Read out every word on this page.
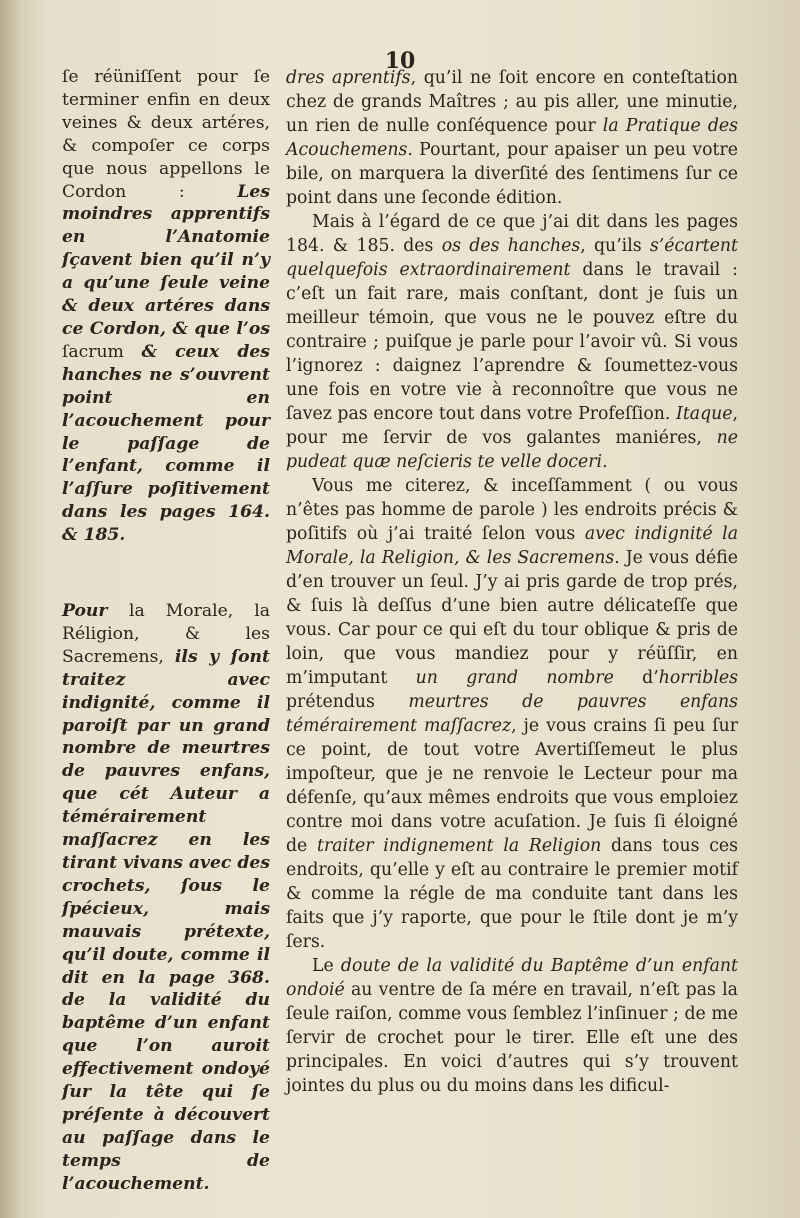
10
ſe réüniſſent pour ſe terminer enfin en deux veines & deux artéres, & compoſer ce corps que nous appellons le Cordon : Les moindres apprentifs en l’Anatomie ſçavent bien qu’il n’y a qu’une ſeule veine & deux artéres dans ce Cordon, & que l’os ſacrum & ceux des hanches ne s’ouvrent point en l’acouchement pour le paſſage de l’enfant, comme il l’aſſure poſitivement dans les pages 164. & 185.
Pour la Morale, la Réligion, & les Sacremens, ils y ſont traitez avec indignité, comme il paroiſt par un grand nombre de meurtres de pauvres enfans, que cét Auteur a témérairement maſſacrez en les tirant vivans avec des crochets, ſous le ſpécieux, mais mauvais prétexte, qu’il doute, comme il dit en la page 368. de la validité du baptême d’un enfant que l’on auroit effectivement ondoyé ſur la tête qui ſe préſente à découvert au paſſage dans le temps de l’acouchement.

dres aprentifs, qu’il ne ſoit encore en conteſtation chez de grands Maîtres ; au pis aller, une minutie, un rien de nulle conſéquence pour la Pratique des Acouchemens. Pourtant, pour apaiser un peu votre bile, on marquera la diverſité des ſentimens ſur ce point dans une ſeconde édition.

Mais à l’égard de ce que j’ai dit dans les pages 184. & 185. des os des hanches, qu’ils s’écartent quelquefois extraordinairement dans le travail : c’eſt un fait rare, mais conſtant, dont je ſuis un meilleur témoin, que vous ne le pouvez eſtre du contraire ; puiſque je parle pour l’avoir vû. Si vous l’ignorez : daignez l’aprendre & ſoumettez-vous une fois en votre vie à reconnoître que vous ne ſavez pas encore tout dans votre Profeſſion. Itaque, pour me ſervir de vos galantes maniéres, ne pudeat quæ neſcieris te velle doceri.

Vous me citerez, & inceſſamment ( ou vous n’êtes pas homme de parole ) les endroits précis & poſitifs où j’ai traité ſelon vous avec indignité la Morale, la Religion, & les Sacremens. Je vous défie d’en trouver un ſeul. J’y ai pris garde de trop prés, & ſuis là deſſus d’une bien autre délicateſſe que vous. Car pour ce qui eſt du tour oblique & pris de loin, que vous mandiez pour y réüſſir, en m’imputant un grand nombre d’horribles prétendus meurtres de pauvres enfans témérairement maſſacrez, je vous crains ſi peu ſur ce point, de tout votre Avertiſſemeut le plus impoſteur, que je ne renvoie le Lecteur pour ma défenſe, qu’aux mêmes endroits que vous emploiez contre moi dans votre acuſation. Je ſuis ſi éloigné de traiter indignement la Religion dans tous ces endroits, qu’elle y eſt au contraire le premier motif & comme la régle de ma conduite tant dans les faits que j’y raporte, que pour le ſtile dont je m’y ſers.

Le doute de la validité du Baptême d’un enfant ondoié au ventre de ſa mére en travail, n’eſt pas la ſeule raiſon, comme vous ſemblez l’inſinuer ; de me ſervir de crochet pour le tirer. Elle eſt une des principales. En voici d’autres qui s’y trouvent jointes du plus ou du moins dans les dificul-
